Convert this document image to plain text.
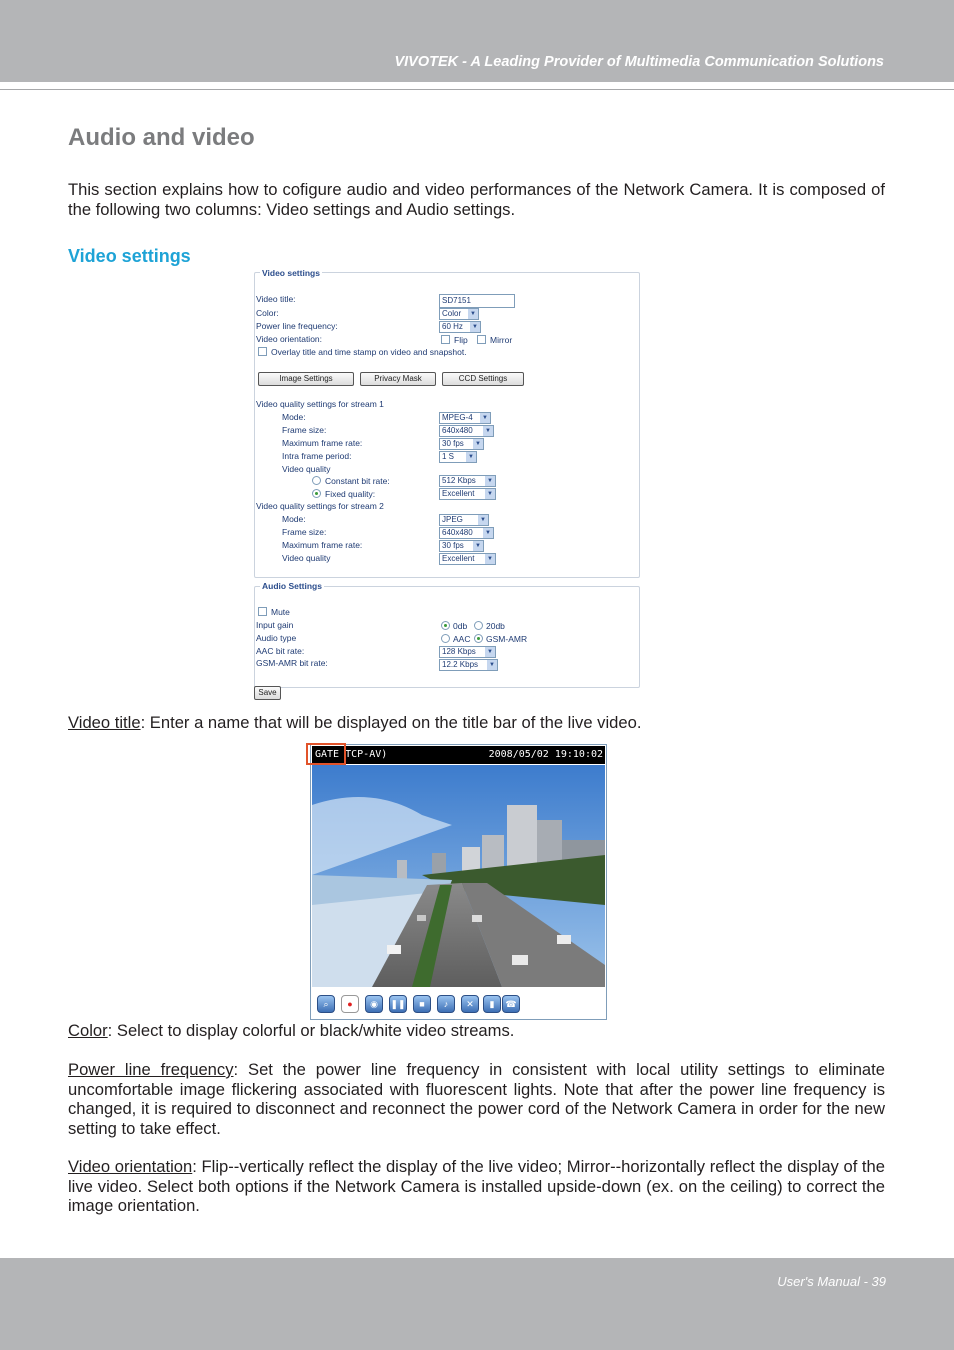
VIVOTEK - A Leading Provider of Multimedia Communication Solutions
Audio and video
This section explains how to cofigure audio and video performances of the Network Camera. It is composed of the following two columns: Video settings and Audio settings.
Video settings
Video settings
Video title:	SD7151
Color:	Color	▼
Power line frequency:	60 Hz	▼
Video orientation:	Flip	Mirror
Overlay title and time stamp on video and snapshot.
Image Settings	Privacy Mask	CCD Settings
Video quality settings for stream 1
Mode:	MPEG-4	▼
Frame size:	640x480	▼
Maximum frame rate:	30 fps	▼
Intra frame period:	1 S	▼
Video quality
Constant bit rate:	512 Kbps	▼
Fixed quality:	Excellent	▼
Video quality settings for stream 2
Mode:	JPEG	▼
Frame size:	640x480	▼
Maximum frame rate:	30 fps	▼
Video quality	Excellent	▼
Audio Settings
Mute
Input gain	0db 20db
Audio type	AAC GSM-AMR
AAC bit rate:	128 Kbps	▼
GSM-AMR bit rate:	12.2 Kbps	▼
Save
Video title: Enter a name that will be displayed on the title bar of the live video.
GATE TCP-AV)	2008/05/02 19:10:02
⌕	●	◉	❚❚	■	♪	✕	▮	☎
Color: Select to display colorful or black/white video streams.
Power line frequency: Set the power line frequency in consistent with local utility settings to eliminate uncomfortable image flickering associated with fluorescent lights. Note that after the power line frequency is changed, it is required to disconnect and reconnect the power cord of the Network Camera in order for the new setting to take effect.
Video orientation: Flip--vertically reflect the display of the live video; Mirror--horizontally reflect the display of the live video. Select both options if the Network Camera is installed upside-down (ex. on the ceiling) to correct the image orientation.
User's Manual - 39
